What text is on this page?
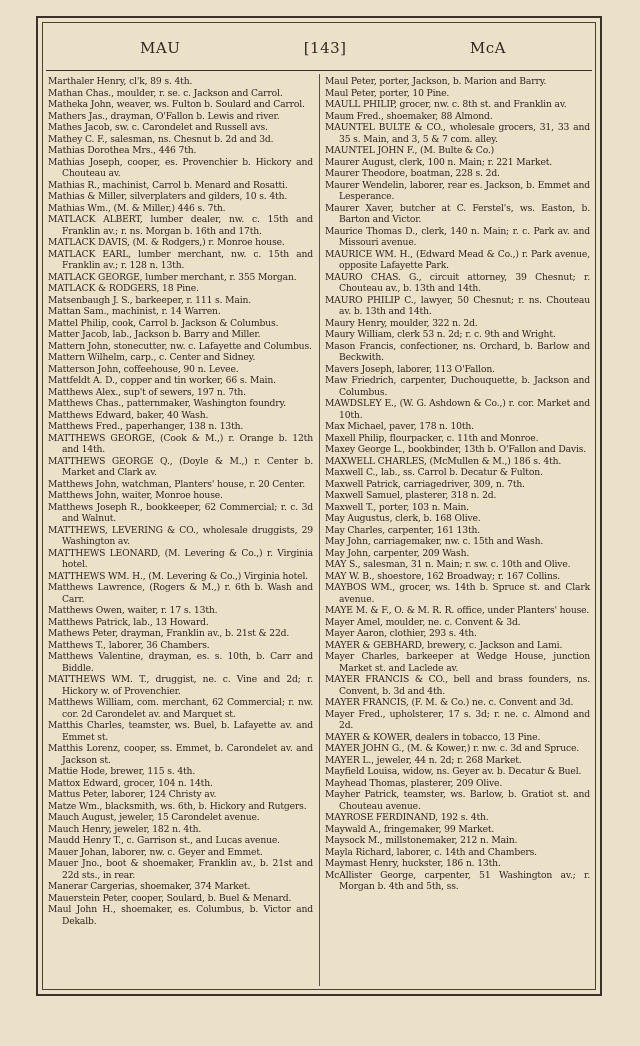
MAU	[143]	McA
Marthaler Henry, cl'k, 89 s. 4th.
Mathan Chas., moulder, r. se. c. Jackson and Carrol.
Matheka John, weaver, ws. Fulton b. Soulard and Carrol.
Mathers Jas., drayman, O'Fallon b. Lewis and river.
Mathes Jacob, sw. c. Carondelet and Russell avs.
Mathey C. F., salesman, ns. Chesnut b. 2d and 3d.
Mathias Dorothea Mrs., 446 7th.
Mathias Joseph, cooper, es. Provenchier b. Hickory and Chouteau av.
Mathias R., machinist, Carrol b. Menard and Rosatti.
Mathias & Miller, silverplaters and gilders, 10 s. 4th.
Mathias Wm., (M. & Miller,) 446 s. 7th.
MATLACK ALBERT, lumber dealer, nw. c. 15th and Franklin av.; r. ns. Morgan b. 16th and 17th.
MATLACK DAVIS, (M. & Rodgers,) r. Monroe house.
MATLACK EARL, lumber merchant, nw. c. 15th and Franklin av.; r. 128 n. 13th.
MATLACK GEORGE, lumber merchant, r. 355 Morgan.
MATLACK & RODGERS, 18 Pine.
Matsenbaugh J. S., barkeeper, r. 111 s. Main.
Mattan Sam., machinist, r. 14 Warren.
Mattel Philip, cook, Carrol b. Jackson & Columbus.
Matter Jacob, lab., Jackson b. Barry and Miller.
Mattern John, stonecutter, nw. c. Lafayette and Columbus.
Mattern Wilhelm, carp., c. Center and Sidney.
Matterson John, coffeehouse, 90 n. Levee.
Mattfeldt A. D., copper and tin worker, 66 s. Main.
Matthews Alex., sup't of sewers, 197 n. 7th.
Matthews Chas., patternmaker, Washington foundry.
Matthews Edward, baker, 40 Wash.
Matthews Fred., paperhanger, 138 n. 13th.
MATTHEWS GEORGE, (Cook & M.,) r. Orange b. 12th and 14th.
MATTHEWS GEORGE Q., (Doyle & M.,) r. Center b. Market and Clark av.
Matthews John, watchman, Planters' house, r. 20 Center.
Matthews John, waiter, Monroe house.
Matthews Joseph R., bookkeeper, 62 Commercial; r. c. 3d and Walnut.
MATTHEWS, LEVERING & CO., wholesale druggists, 29 Washington av.
MATTHEWS LEONARD, (M. Levering & Co.,) r. Virginia hotel.
MATTHEWS WM. H., (M. Levering & Co.,) Virginia hotel.
Matthews Lawrence, (Rogers & M.,) r. 6th b. Wash and Carr.
Matthews Owen, waiter, r. 17 s. 13th.
Matthews Patrick, lab., 13 Howard.
Mathews Peter, drayman, Franklin av., b. 21st & 22d.
Matthews T., laborer, 36 Chambers.
Matthews Valentine, drayman, es. s. 10th, b. Carr and Biddle.
MATTHEWS WM. T., druggist, ne. c. Vine and 2d; r. Hickory w. of Provenchier.
Matthews William, com. merchant, 62 Commercial; r. nw. cor. 2d Carondelet av. and Marquet st.
Matthis Charles, teamster, ws. Buel, b. Lafayette av. and Emmet st.
Matthis Lorenz, cooper, ss. Emmet, b. Carondelet av. and Jackson st.
Mattie Hode, brewer, 115 s. 4th.
Mattox Edward, grocer, 104 n. 14th.
Mattus Peter, laborer, 124 Christy av.
Matze Wm., blacksmith, ws. 6th, b. Hickory and Rutgers.
Mauch August, jeweler, 15 Carondelet avenue.
Mauch Henry, jeweler, 182 n. 4th.
Maudd Henry T., c. Garrison st., and Lucas avenue.
Mauer Johan, laborer, nw. c. Geyer and Emmet.
Mauer Jno., boot & shoemaker, Franklin av., b. 21st and 22d sts., in rear.
Manerar Cargerias, shoemaker, 374 Market.
Mauerstein Peter, cooper, Soulard, b. Buel & Menard.
Maul John H., shoemaker, es. Columbus, b. Victor and Dekalb.
Maul Peter, porter, Jackson, b. Marion and Barry.
Maul Peter, porter, 10 Pine.
MAULL PHILIP, grocer, nw. c. 8th st. and Franklin av.
Maum Fred., shoemaker, 88 Almond.
MAUNTEL BULTE & CO., wholesale grocers, 31, 33 and 35 s. Main, and 3, 5 & 7 com. alley.
MAUNTEL JOHN F., (M. Bulte & Co.)
Maurer August, clerk, 100 n. Main; r. 221 Market.
Maurer Theodore, boatman, 228 s. 2d.
Maurer Wendelin, laborer, rear es. Jackson, b. Emmet and Lesperance.
Maurer Xaver, butcher at C. Ferstel's, ws. Easton, b. Barton and Victor.
Maurice Thomas D., clerk, 140 n. Main; r. c. Park av. and Missouri avenue.
MAURICE WM. H., (Edward Mead & Co.,) r. Park avenue, opposite Lafayette Park.
MAURO CHAS. G., circuit attorney, 39 Chesnut; r. Chouteau av., b. 13th and 14th.
MAURO PHILIP C., lawyer, 50 Chesnut; r. ns. Chouteau av. b. 13th and 14th.
Maury Henry, moulder, 322 n. 2d.
Maury William, clerk 53 n. 2d; r. c. 9th and Wright.
Mason Francis, confectioner, ns. Orchard, b. Barlow and Beckwith.
Mavers Joseph, laborer, 113 O'Fallon.
Maw Friedrich, carpenter, Duchouquette, b. Jackson and Columbus.
MAWDSLEY E., (W. G. Ashdown & Co.,) r. cor. Market and 10th.
Max Michael, paver, 178 n. 10th.
Maxell Philip, flourpacker, c. 11th and Monroe.
Maxey George L., bookbinder, 13th b. O'Fallon and Davis.
MAXWELL CHARLES, (McMullen & M.,) 186 s. 4th.
Maxwell C., lab., ss. Carrol b. Decatur & Fulton.
Maxwell Patrick, carriagedriver, 309, n. 7th.
Maxwell Samuel, plasterer, 318 n. 2d.
Maxwell T., porter, 103 n. Main.
May Augustus, clerk, b. 168 Olive.
May Charles, carpenter, 161 13th.
May John, carriagemaker, nw. c. 15th and Wash.
May John, carpenter, 209 Wash.
MAY S., salesman, 31 n. Main; r. sw. c. 10th and Olive.
MAY W. B., shoestore, 162 Broadway; r. 167 Collins.
MAYBOS WM., grocer, ws. 14th b. Spruce st. and Clark avenue.
MAYE M. & F., O. & M. R. R. office, under Planters' house.
Mayer Amel, moulder, ne. c. Convent & 3d.
Mayer Aaron, clothier, 293 s. 4th.
MAYER & GEBHARD, brewery, c. Jackson and Lami.
Mayer Charles, barkeeper at Wedge House, junction Market st. and Laclede av.
MAYER FRANCIS & CO., bell and brass founders, ns. Convent, b. 3d and 4th.
MAYER FRANCIS, (F. M. & Co.) ne. c. Convent and 3d.
Mayer Fred., upholsterer, 17 s. 3d; r. ne. c. Almond and 2d.
MAYER & KOWER, dealers in tobacco, 13 Pine.
MAYER JOHN G., (M. & Kower,) r. nw. c. 3d and Spruce.
MAYER L., jeweler, 44 n. 2d; r. 268 Market.
Mayfield Louisa, widow, ns. Geyer av. b. Decatur & Buel.
Mayhead Thomas, plasterer, 209 Olive.
Mayher Patrick, teamster, ws. Barlow, b. Gratiot st. and Chouteau avenue.
MAYROSE FERDINAND, 192 s. 4th.
Maywald A., fringemaker, 99 Market.
Maysock M., millstonemaker, 212 n. Main.
Mayla Richard, laborer, c. 14th and Chambers.
Maymast Henry, huckster, 186 n. 13th.
McAllister George, carpenter, 51 Washington av.; r. Morgan b. 4th and 5th, ss.
